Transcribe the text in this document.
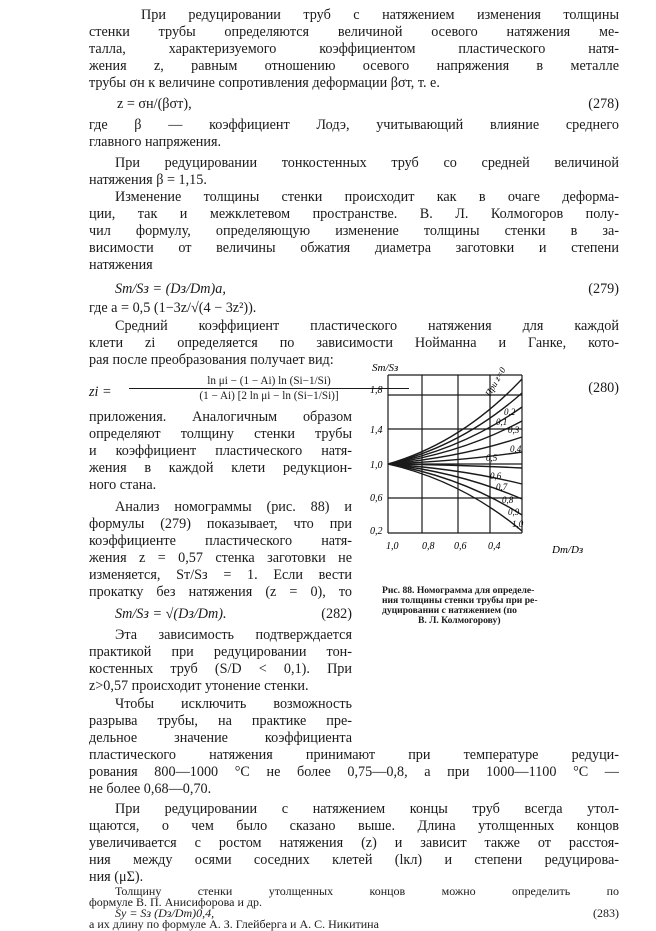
При редуцировании труб с натяжением изменения толщины

стенки трубы определяются величиной осевого натяжения ме-

талла, характеризуемого коэффициентом пластического натя-

жения z, равным отношению осевого напряжения в металле

трубы σн к величине сопротивления деформации βσт, т. е.

z = σн/(βσт),	(278)

где β — коэффициент Лодэ, учитывающий влияние среднего

главного напряжения.

При редуцировании тонкостенных труб со средней величиной

натяжения β = 1,15.

Изменение толщины стенки происходит как в очаге деформа-

ции, так и межклетевом пространстве. В. Л. Колмогоров полу-

чил формулу, определяющую изменение толщины стенки в за-

висимости от величины обжатия диаметра заготовки и степени

натяжения

Sт/Sз = (Dз/Dт)a,	(279)

где a = 0,5 (1−3z/√(4 − 3z²)).

Средний коэффициент пластического натяжения для каждой

клети zi определяется по зависимости Нойманна и Ганке, кото-

рая после преобразования получает вид:

zi =
ln μi − (1 − Ai) ln (Si−1/Si)
(1 − Ai) [2 ln μi − ln (Si−1/Si)]	(280)

приложения. Аналогичным образом

определяют толщину стенки трубы

и коэффициент пластического натя-

жения в каждой клети редукцион-

ного стана.

Анализ номограммы (рис. 88) и

формулы (279) показывает, что при

коэффициенте пластического натя-

жения z = 0,57 стенка заготовки не

изменяется, Sт/Sз = 1. Если вести

прокатку без натяжения (z = 0), то

Sт/Sз = √(Dз/Dт).	(282)

Эта зависимость подтверждается

практикой при редуцировании тон-

костенных труб (S/D < 0,1). При

z>0,57 происходит утонение стенки.

Чтобы исключить возможность

разрыва трубы, на практике пре-

дельное значение коэффициента

пластического натяжения принимают при температуре редуци-

рования 800—1000 °С не более 0,75—0,8, а при 1000—1100 °С —

не более 0,68—0,70.

При редуцировании с натяжением концы труб всегда утол-

щаются, о чем было сказано выше. Длина утолщенных концов

увеличивается с ростом натяжения (z) и зависит также от расстоя-

ния между осями соседних клетей (lкл) и степени редуцирова-

ния (μΣ).

Толщину стенки утолщенных концов можно определить по

формуле В. П. Анисифорова и др.

Sу = Sз (Dз/Dт)0,4,	(283)

а их длину по формуле А. З. Глейберга и А. С. Никитина

Sт/Sз
Dт/Dз
1,8
1,4
1,0
0,6
0,2
1,0 0,8 0,6 0,4
При z=0
0,1
0,2
0,3
0,4
0,5
0,6
0,7
0,8
0,9
1,0

Рис. 88. Номограмма для определе-

ния толщины стенки трубы при ре-

дуцировании с натяжением (по

В. Л. Колмогорову)
